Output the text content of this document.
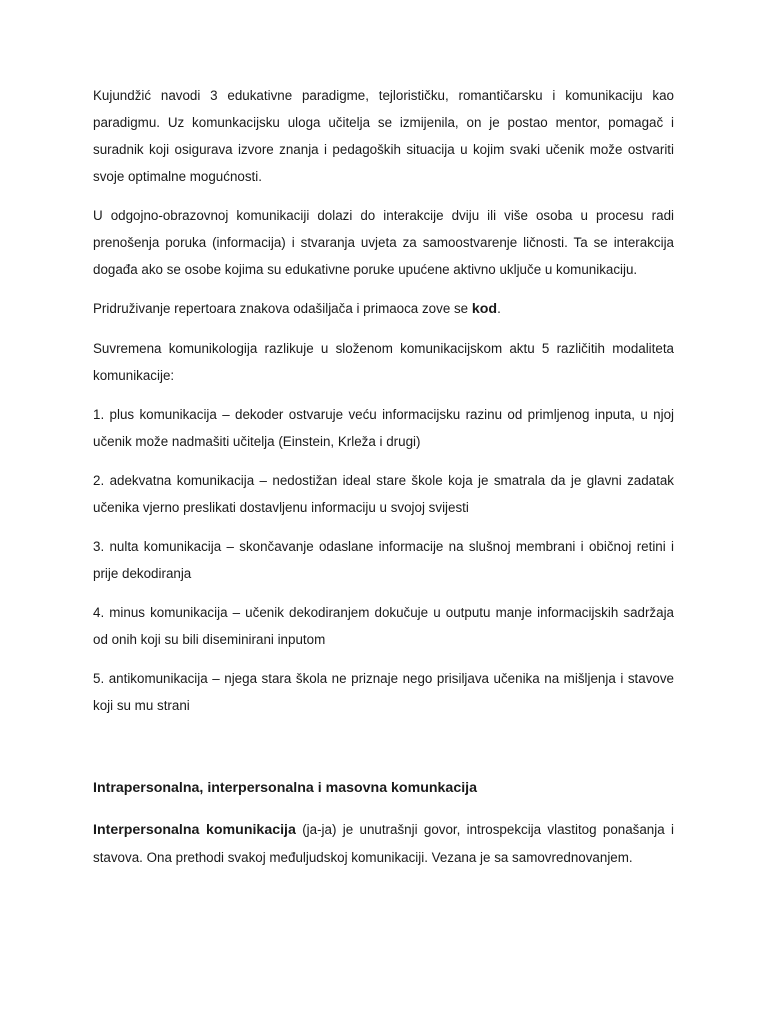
Kujundžić navodi 3 edukativne paradigme, tejlorističku, romantičarsku i komunikaciju kao paradigmu. Uz komunkacijsku uloga učitelja se izmijenila, on je postao mentor, pomagač i suradnik koji osigurava izvore znanja i pedagoških situacija u kojim svaki učenik može ostvariti svoje optimalne mogućnosti.

U odgojno-obrazovnoj komunikaciji dolazi do interakcije dviju ili više osoba u procesu radi prenošenja poruka (informacija) i stvaranja uvjeta za samoostvarenje ličnosti. Ta se interakcija događa ako se osobe kojima su edukativne poruke upućene aktivno uključe u komunikaciju.

Pridruživanje repertoara znakova odašiljača i primaoca zove se kod.

Suvremena komunikologija razlikuje u složenom komunikacijskom aktu 5 različitih modaliteta komunikacije:

1. plus komunikacija – dekoder ostvaruje veću informacijsku razinu od primljenog inputa, u njoj učenik može nadmašiti učitelja (Einstein, Krleža i drugi)

2. adekvatna komunikacija – nedostižan ideal stare škole koja je smatrala da je glavni zadatak učenika vjerno preslikati dostavljenu informaciju u svojoj svijesti

3. nulta komunikacija – skončavanje odaslane informacije na slušnoj membrani i običnoj retini i prije dekodiranja

4. minus komunikacija – učenik dekodiranjem dokučuje u outputu manje informacijskih sadržaja od onih koji su bili diseminirani inputom

5. antikomunikacija – njega stara škola ne priznaje nego prisiljava učenika na mišljenja i stavove koji su mu strani

Intrapersonalna, interpersonalna i masovna komunkacija

Interpersonalna komunikacija (ja-ja) je unutrašnji govor, introspekcija vlastitog ponašanja i stavova. Ona prethodi svakoj međuljudskoj komunikaciji. Vezana je sa samovrednovanjem.
